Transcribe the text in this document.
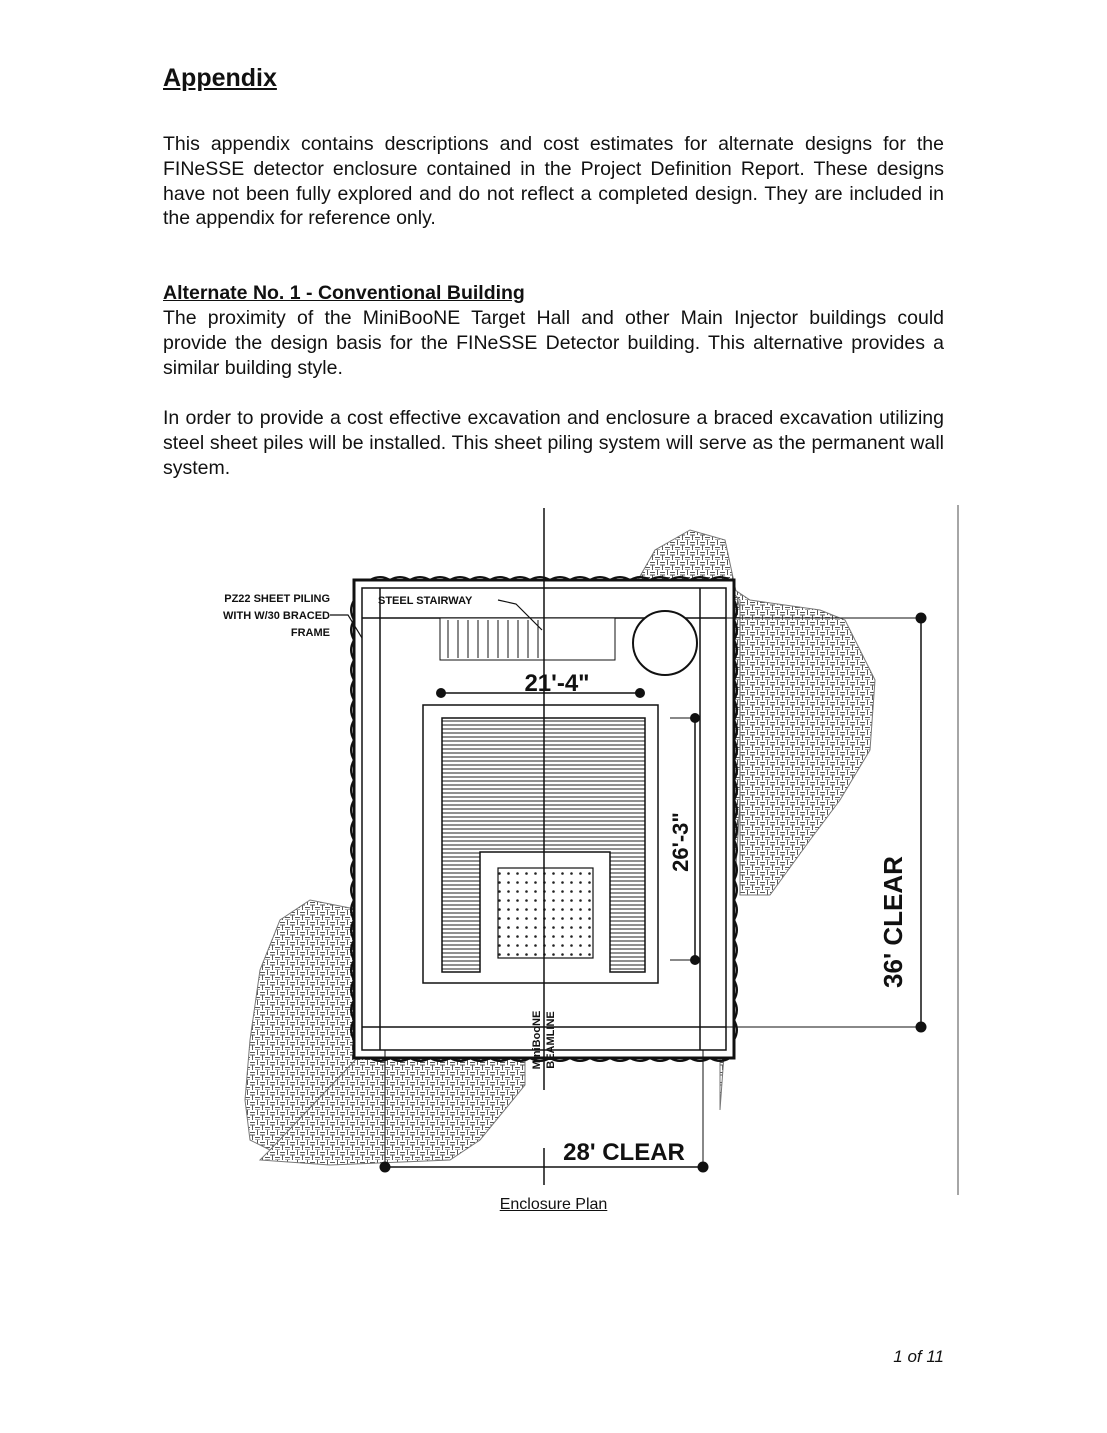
Appendix

This appendix contains descriptions and cost estimates for alternate designs for the FINeSSE detector enclosure contained in the Project Definition Report. These designs have not been fully explored and do not reflect a completed design. They are included in the appendix for reference only.

Alternate No. 1 - Conventional Building

The proximity of the MiniBooNE Target Hall and other Main Injector buildings could provide the design basis for the FINeSSE Detector building. This alternative provides a similar building style.

In order to provide a cost effective excavation and enclosure a braced excavation utilizing steel sheet piles will be installed. This sheet piling system will serve as the permanent wall system.

21'-4"
26'-3"
36' CLEAR
28' CLEAR
MiniBooNE BEAMLINE
PZ22 SHEET PILING
WITH W/30 BRACED
FRAME
STEEL STAIRWAY
Enclosure Plan
1 of 11
